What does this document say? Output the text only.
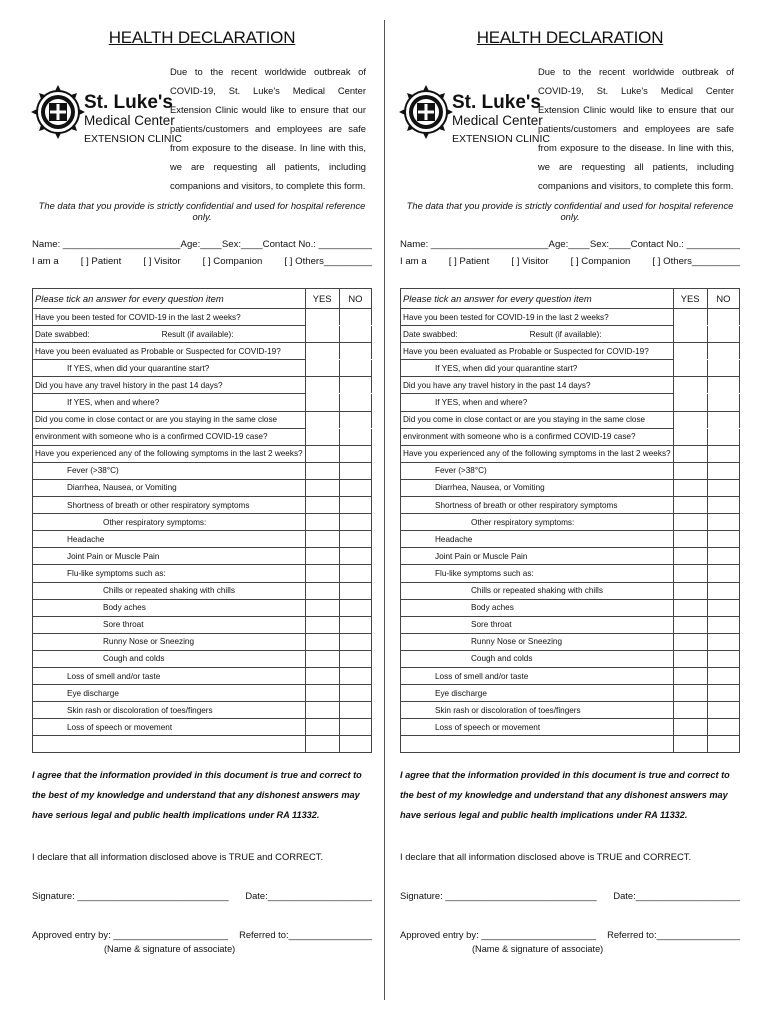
HEALTH DECLARATION
St. Luke's
Medical Center
EXTENSION CLINIC
Due to the recent worldwide outbreak of COVID-19, St. Luke's Medical Center Extension Clinic would like to ensure that our patients/customers and employees are safe from exposure to the disease. In line with this, we are requesting all patients, including companions and visitors, to complete this form.
The data that you provide is strictly confidential and used for hospital reference only.
Name: ______________________ Age:____ Sex:____ Contact No.: __________
I am a [ ] Patient [ ] Visitor [ ] Companion [ ] Others_________
Please tick an answer for every question item	YES	NO
Have you been tested for COVID-19 in the last 2 weeks?		
Date swabbed: Result (if available):		
Have you been evaluated as Probable or Suspected for COVID-19?		
If YES, when did your quarantine start?		
Did you have any travel history in the past 14 days?		
If YES, when and where?		
Did you come in close contact or are you staying in the same close		
environment with someone who is a confirmed COVID-19 case?		
Have you experienced any of the following symptoms in the last 2 weeks?		
Fever (>38°C)		
Diarrhea, Nausea, or Vomiting		
Shortness of breath or other respiratory symptoms		
Other respiratory symptoms:		
Headache		
Joint Pain or Muscle Pain		
Flu-like symptoms such as:		
Chills or repeated shaking with chills		
Body aches		
Sore throat		
Runny Nose or Sneezing		
Cough and colds		
Loss of smell and/or taste		
Eye discharge		
Skin rash or discoloration of toes/fingers		
Loss of speech or movement		

I agree that the information provided in this document is true and correct to the best of my knowledge and understand that any dishonest answers may have serious legal and public health implications under RA 11332.
I declare that all information disclosed above is TRUE and CORRECT.
Signature: _____________________________ Date:____________________
Approved entry by: ______________________ Referred to:________________
(Name & signature of associate)
HEALTH DECLARATION
St. Luke's
Medical Center
EXTENSION CLINIC
Due to the recent worldwide outbreak of COVID-19, St. Luke's Medical Center Extension Clinic would like to ensure that our patients/customers and employees are safe from exposure to the disease. In line with this, we are requesting all patients, including companions and visitors, to complete this form.
The data that you provide is strictly confidential and used for hospital reference only.
Name: ______________________ Age:____ Sex:____ Contact No.: __________
I am a [ ] Patient [ ] Visitor [ ] Companion [ ] Others_________
Please tick an answer for every question item	YES	NO
Have you been tested for COVID-19 in the last 2 weeks?		
Date swabbed: Result (if available):		
Have you been evaluated as Probable or Suspected for COVID-19?		
If YES, when did your quarantine start?		
Did you have any travel history in the past 14 days?		
If YES, when and where?		
Did you come in close contact or are you staying in the same close		
environment with someone who is a confirmed COVID-19 case?		
Have you experienced any of the following symptoms in the last 2 weeks?		
Fever (>38°C)		
Diarrhea, Nausea, or Vomiting		
Shortness of breath or other respiratory symptoms		
Other respiratory symptoms:		
Headache		
Joint Pain or Muscle Pain		
Flu-like symptoms such as:		
Chills or repeated shaking with chills		
Body aches		
Sore throat		
Runny Nose or Sneezing		
Cough and colds		
Loss of smell and/or taste		
Eye discharge		
Skin rash or discoloration of toes/fingers		
Loss of speech or movement		

I agree that the information provided in this document is true and correct to the best of my knowledge and understand that any dishonest answers may have serious legal and public health implications under RA 11332.
I declare that all information disclosed above is TRUE and CORRECT.
Signature: _____________________________ Date:____________________
Approved entry by: ______________________ Referred to:________________
(Name & signature of associate)
